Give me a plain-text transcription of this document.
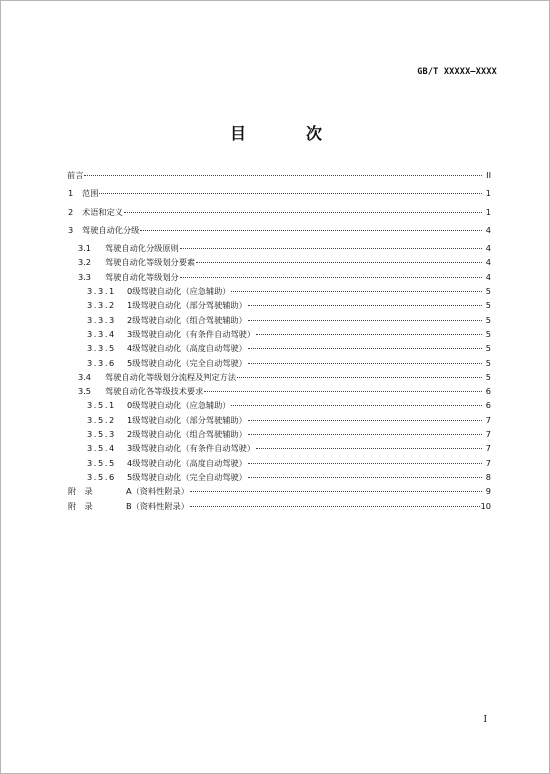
GB/T XXXXX—XXXX
目　次
前言	II
1	范围	1
2	术语和定义	1
3	驾驶自动化分级	4
3.1	驾驶自动化分级原则	4
3.2	驾驶自动化等级划分要素	4
3.3	驾驶自动化等级划分	4
3.3.1	0级驾驶自动化（应急辅助）	5
3.3.2	1级驾驶自动化（部分驾驶辅助）	5
3.3.3	2级驾驶自动化（组合驾驶辅助）	5
3.3.4	3级驾驶自动化（有条件自动驾驶）	5
3.3.5	4级驾驶自动化（高度自动驾驶）	5
3.3.6	5级驾驶自动化（完全自动驾驶）	5
3.4	驾驶自动化等级划分流程及判定方法	5
3.5	驾驶自动化各等级技术要求	6
3.5.1	0级驾驶自动化（应急辅助）	6
3.5.2	1级驾驶自动化（部分驾驶辅助）	7
3.5.3	2级驾驶自动化（组合驾驶辅助）	7
3.5.4	3级驾驶自动化（有条件自动驾驶）	7
3.5.5	4级驾驶自动化（高度自动驾驶）	7
3.5.6	5级驾驶自动化（完全自动驾驶）	8
附　录	A（资料性附录）	9
附　录	B（资料性附录）	10
I
